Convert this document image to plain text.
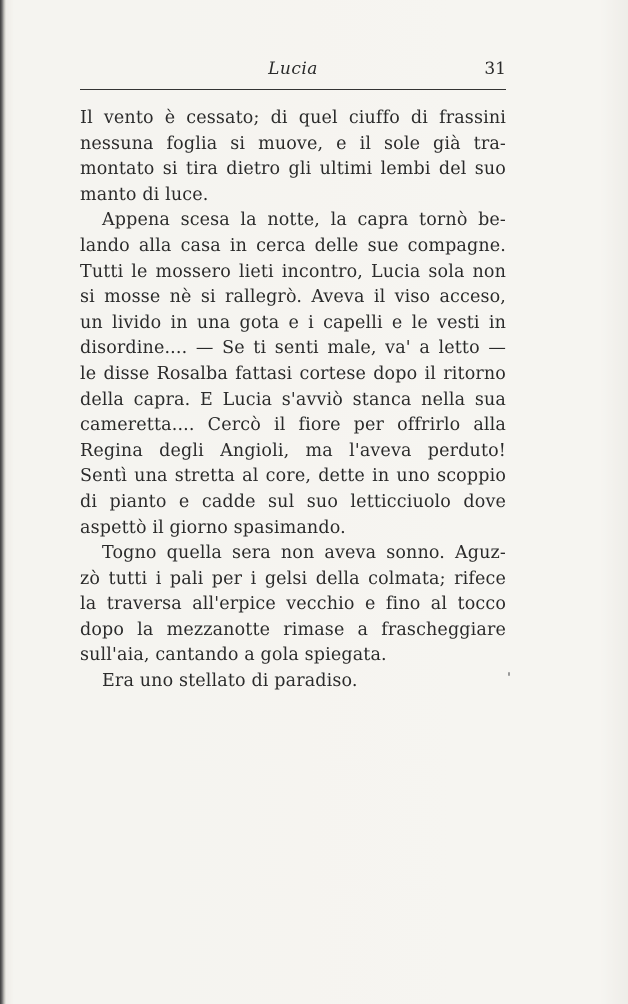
Lucia	31
Il vento è cessato; di quel ciuffo di frassini
nessuna foglia si muove, e il sole già tra-
montato si tira dietro gli ultimi lembi del suo
manto di luce.
Appena scesa la notte, la capra tornò be-
lando alla casa in cerca delle sue compagne.
Tutti le mossero lieti incontro, Lucia sola non
si mosse nè si rallegrò. Aveva il viso acceso,
un livido in una gota e i capelli e le vesti in
disordine.... — Se ti senti male, va' a letto —
le disse Rosalba fattasi cortese dopo il ritorno
della capra. E Lucia s'avviò stanca nella sua
cameretta.... Cercò il fiore per offrirlo alla
Regina degli Angioli, ma l'aveva perduto!
Sentì una stretta al core, dette in uno scoppio
di pianto e cadde sul suo letticciuolo dove
aspettò il giorno spasimando.
Togno quella sera non aveva sonno. Aguz-
zò tutti i pali per i gelsi della colmata; rifece
la traversa all'erpice vecchio e fino al tocco
dopo la mezzanotte rimase a frascheggiare
sull'aia, cantando a gola spiegata.
Era uno stellato di paradiso.
